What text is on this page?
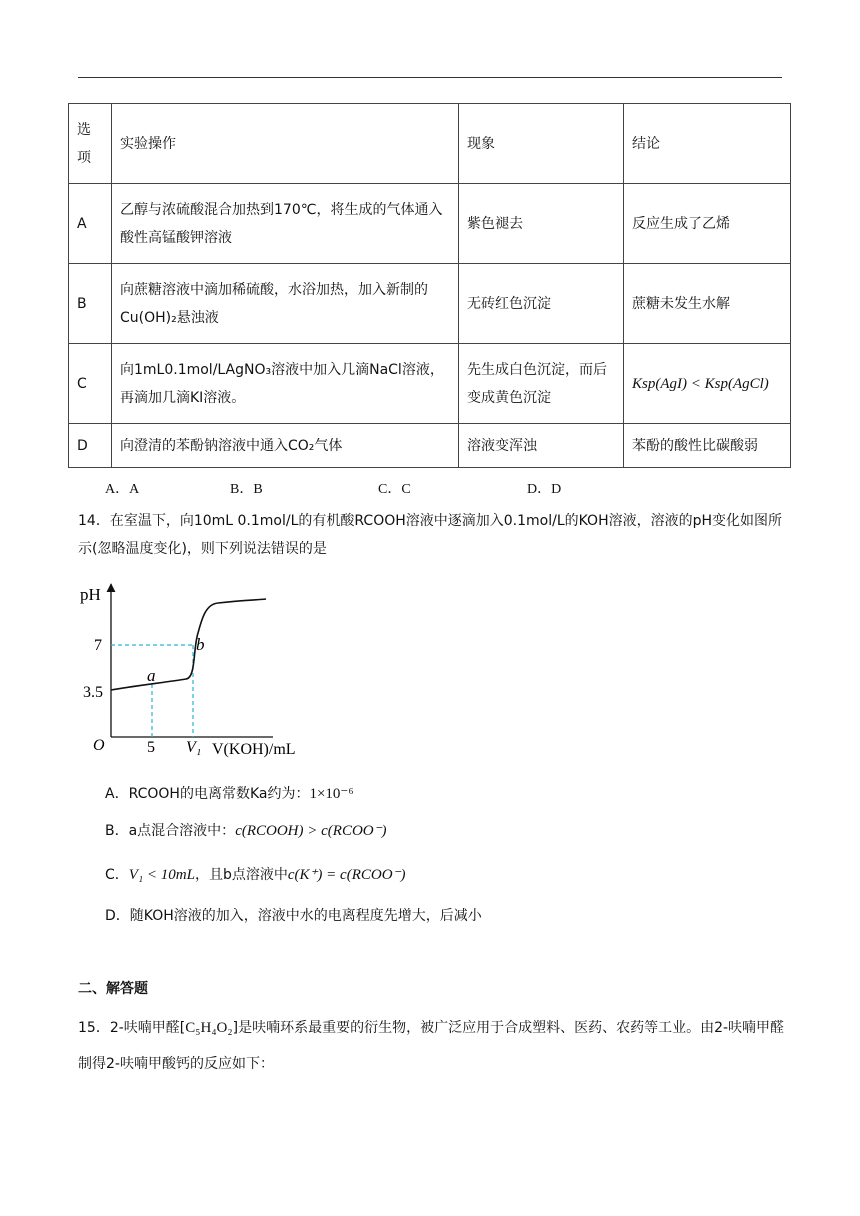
选项	实验操作	现象	结论
A	乙醇与浓硫酸混合加热到170℃，将生成的气体通入酸性高锰酸钾溶液	紫色褪去	反应生成了乙烯
B	向蔗糖溶液中滴加稀硫酸，水浴加热，加入新制的Cu(OH)₂悬浊液	无砖红色沉淀	蔗糖未发生水解
C	向1mL0.1mol/LAgNO₃溶液中加入几滴NaCl溶液，再滴加几滴KI溶液。	先生成白色沉淀，而后变成黄色沉淀	Ksp(AgI) < Ksp(AgCl)
D	向澄清的苯酚钠溶液中通入CO₂气体	溶液变浑浊	苯酚的酸性比碳酸弱
A．A	B．B	C．C	D．D
14．在室温下，向10mL 0.1mol/L的有机酸RCOOH溶液中逐滴加入0.1mol/L的KOH溶液，溶液的pH变化如图所示(忽略温度变化)，则下列说法错误的是
pH
7
3.5
O	5 V₁ V(KOH)/mL
a
b
A．RCOOH的电离常数Ka约为：1×10⁻⁶
B．a点混合溶液中：c(RCOOH) > c(RCOO⁻)
C．V₁ < 10mL，且b点溶液中c(K⁺) = c(RCOO⁻)
D．随KOH溶液的加入，溶液中水的电离程度先增大，后减小
二、解答题
15．2-呋喃甲醛[C₅H₄O₂]是呋喃环系最重要的衍生物，被广泛应用于合成塑料、医药、农药等工业。由2-呋喃甲醛制得2-呋喃甲酸钙的反应如下：
